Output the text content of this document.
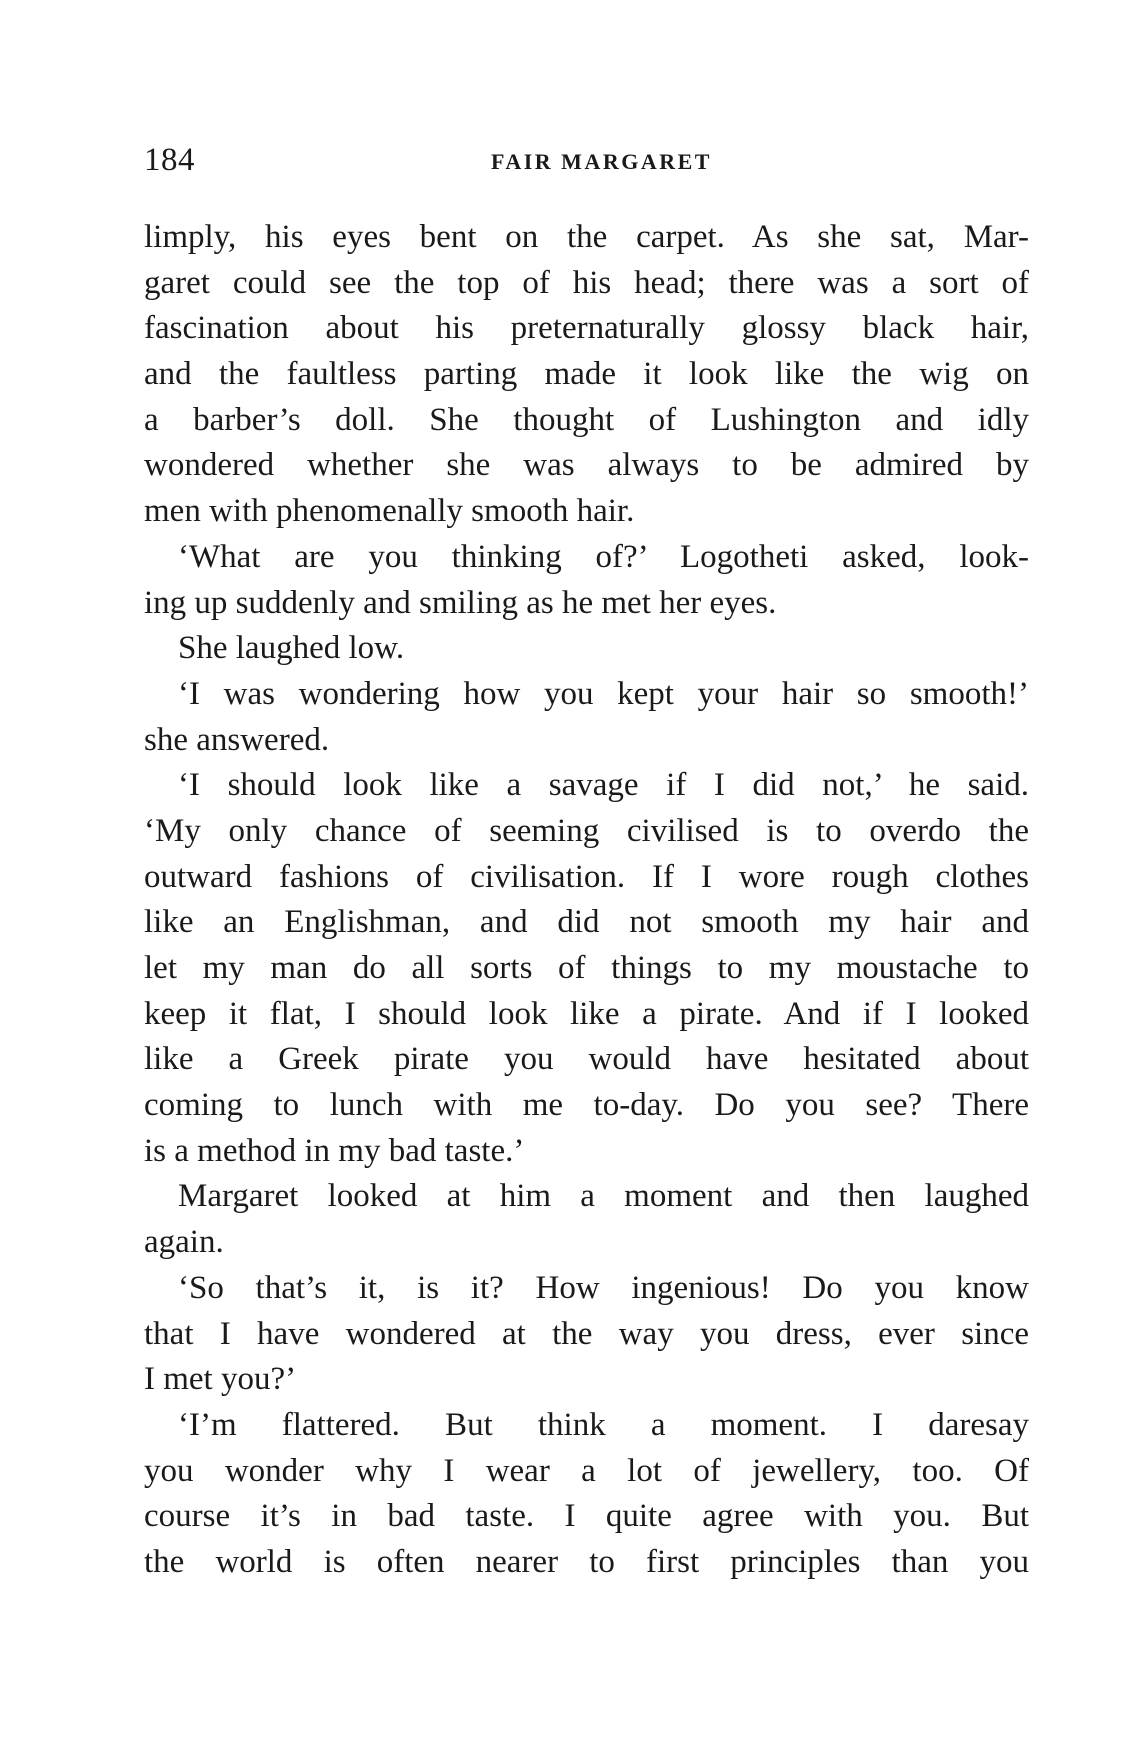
184	FAIR MARGARET
limply, his eyes bent on the carpet. As she sat, Mar-
garet could see the top of his head; there was a sort of
fascination about his preternaturally glossy black hair,
and the faultless parting made it look like the wig on
a barber’s doll. She thought of Lushington and idly
wondered whether she was always to be admired by
men with phenomenally smooth hair.
‘What are you thinking of?’ Logotheti asked, look-
ing up suddenly and smiling as he met her eyes.
She laughed low.
‘I was wondering how you kept your hair so smooth!’
she answered.
‘I should look like a savage if I did not,’ he said.
‘My only chance of seeming civilised is to overdo the
outward fashions of civilisation. If I wore rough clothes
like an Englishman, and did not smooth my hair and
let my man do all sorts of things to my moustache to
keep it flat, I should look like a pirate. And if I looked
like a Greek pirate you would have hesitated about
coming to lunch with me to-day. Do you see? There
is a method in my bad taste.’
Margaret looked at him a moment and then laughed
again.
‘So that’s it, is it? How ingenious! Do you know
that I have wondered at the way you dress, ever since
I met you?’
‘I’m flattered. But think a moment. I daresay
you wonder why I wear a lot of jewellery, too. Of
course it’s in bad taste. I quite agree with you. But
the world is often nearer to first principles than you
